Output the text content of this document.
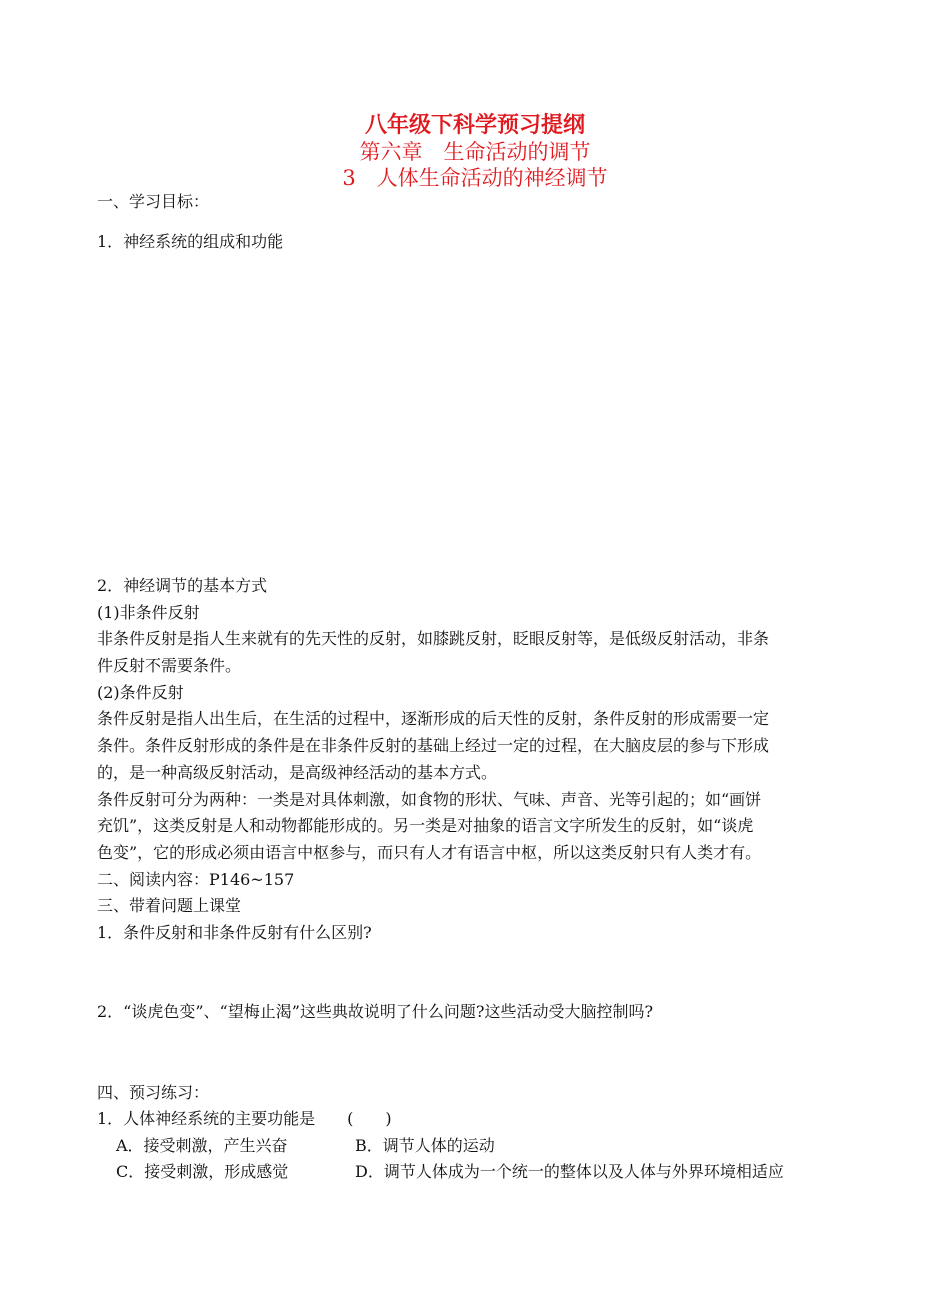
八年级下科学预习提纲
第六章　生命活动的调节
3　人体生命活动的神经调节
一、学习目标：
1．神经系统的组成和功能
2．神经调节的基本方式
(1)非条件反射
非条件反射是指人生来就有的先天性的反射，如膝跳反射，眨眼反射等，是低级反射活动，非条
件反射不需要条件。
(2)条件反射
条件反射是指人出生后，在生活的过程中，逐渐形成的后天性的反射，条件反射的形成需要一定
条件。条件反射形成的条件是在非条件反射的基础上经过一定的过程，在大脑皮层的参与下形成
的，是一种高级反射活动，是高级神经活动的基本方式。
条件反射可分为两种：一类是对具体刺激，如食物的形状、气味、声音、光等引起的；如“画饼
充饥”，这类反射是人和动物都能形成的。另一类是对抽象的语言文字所发生的反射，如“谈虎
色变”，它的形成必须由语言中枢参与，而只有人才有语言中枢，所以这类反射只有人类才有。
二、阅读内容：P146~157
三、带着问题上课堂
1．条件反射和非条件反射有什么区别?
2．“谈虎色变”、“望梅止渴”这些典故说明了什么问题?这些活动受大脑控制吗?
四、预习练习：
1．人体神经系统的主要功能是　　(　　)
A．接受刺激，产生兴奋	B．调节人体的运动
C．接受刺激，形成感觉	D．调节人体成为一个统一的整体以及人体与外界环境相适应
